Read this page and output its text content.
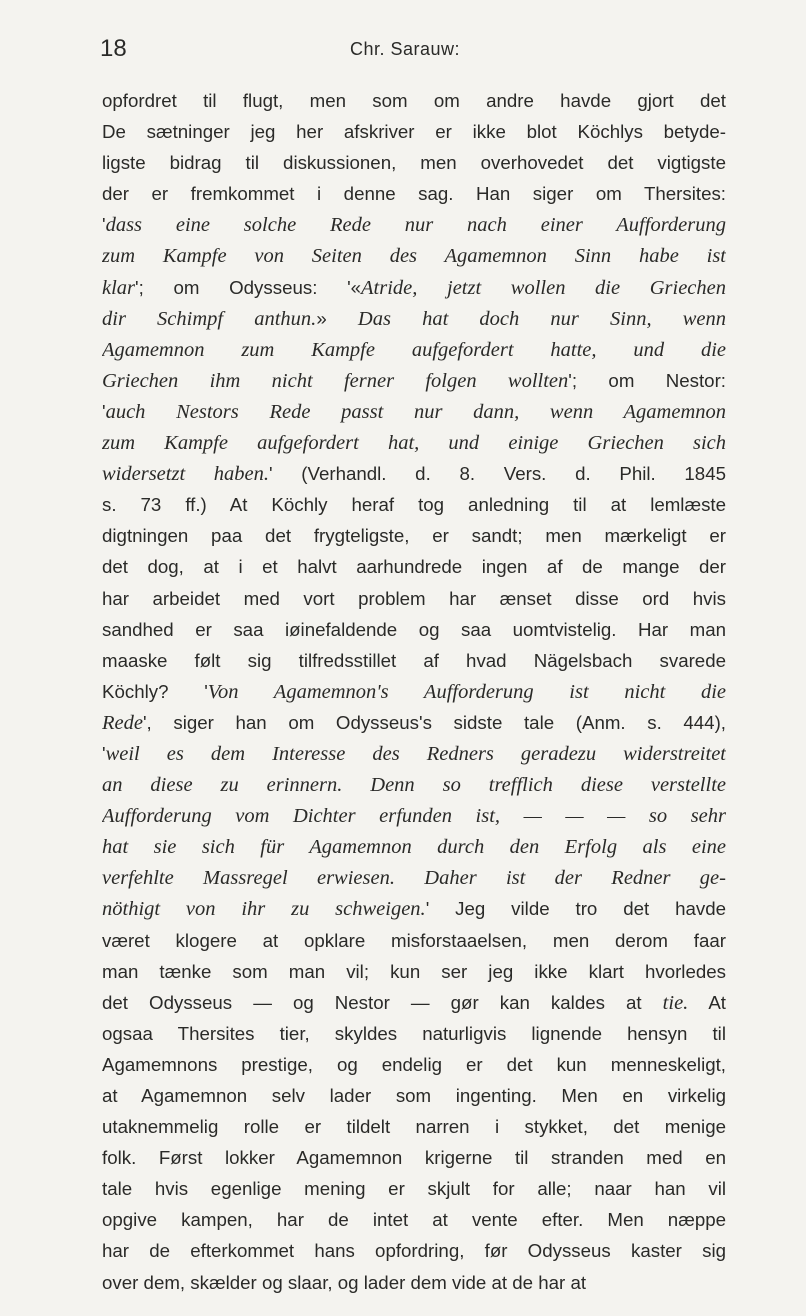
18	Chr. Sarauw:
opfordret til flugt, men som om andre havde gjort det
De sætninger jeg her afskriver er ikke blot Köchlys betyde-
ligste bidrag til diskussionen, men overhovedet det vigtigste
der er fremkommet i denne sag. Han siger om Thersites:
'dass eine solche Rede nur nach einer Aufforderung
zum Kampfe von Seiten des Agamemnon Sinn habe ist
klar'; om Odysseus: '«Atride, jetzt wollen die Griechen
dir Schimpf anthun.» Das hat doch nur Sinn, wenn
Agamemnon zum Kampfe aufgefordert hatte, und die
Griechen ihm nicht ferner folgen wollten'; om Nestor:
'auch Nestors Rede passt nur dann, wenn Agamemnon
zum Kampfe aufgefordert hat, und einige Griechen sich
widersetzt haben.' (Verhandl. d. 8. Vers. d. Phil. 1845
s. 73 ff.) At Köchly heraf tog anledning til at lemlæste
digtningen paa det frygteligste, er sandt; men mærkeligt er
det dog, at i et halvt aarhundrede ingen af de mange der
har arbeidet med vort problem har ænset disse ord hvis
sandhed er saa iøinefaldende og saa uomtvistelig. Har man
maaske følt sig tilfredsstillet af hvad Nägelsbach svarede
Köchly? 'Von Agamemnon's Aufforderung ist nicht die
Rede', siger han om Odysseus's sidste tale (Anm. s. 444),
'weil es dem Interesse des Redners geradezu widerstreitet
an diese zu erinnern. Denn so trefflich diese verstellte
Aufforderung vom Dichter erfunden ist, — — — so sehr
hat sie sich für Agamemnon durch den Erfolg als eine
verfehlte Massregel erwiesen. Daher ist der Redner ge-
nöthigt von ihr zu schweigen.' Jeg vilde tro det havde
været klogere at opklare misforstaaelsen, men derom faar
man tænke som man vil; kun ser jeg ikke klart hvorledes
det Odysseus — og Nestor — gør kan kaldes at tie. At
ogsaa Thersites tier, skyldes naturligvis lignende hensyn til
Agamemnons prestige, og endelig er det kun menneskeligt,
at Agamemnon selv lader som ingenting. Men en virkelig
utaknemmelig rolle er tildelt narren i stykket, det menige
folk. Først lokker Agamemnon krigerne til stranden med en
tale hvis egenlige mening er skjult for alle; naar han vil
opgive kampen, har de intet at vente efter. Men næppe
har de efterkommet hans opfordring, før Odysseus kaster sig
over dem, skælder og slaar, og lader dem vide at de har at
